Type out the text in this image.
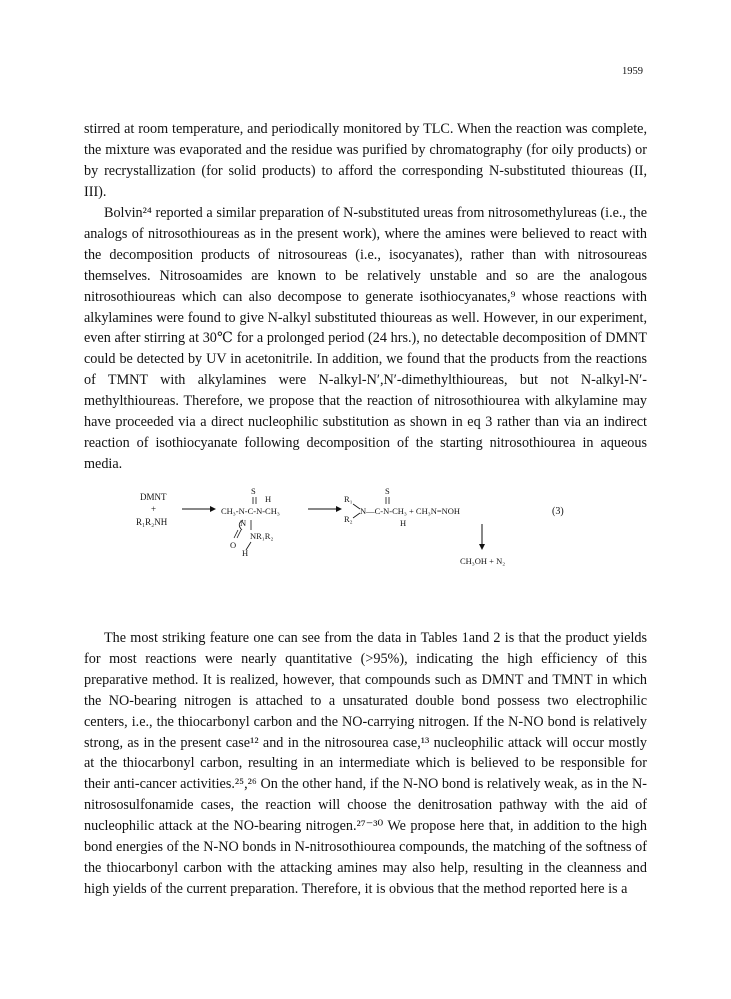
1959

stirred at room temperature, and periodically monitored by TLC. When the reaction was complete, the mixture was evaporated and the residue was purified by chromatography (for oily products) or by recrystallization (for solid products) to afford the corresponding N-substituted thioureas (II, III).

Bolvin²⁴ reported a similar preparation of N-substituted ureas from nitrosomethylureas (i.e., the analogs of nitrosothioureas as in the present work), where the amines were believed to react with the decomposition products of nitrosoureas (i.e., isocyanates), rather than with nitrosoureas themselves. Nitrosoamides are known to be relatively unstable and so are the analogous nitrosothioureas which can also decompose to generate isothiocyanates,⁹ whose reactions with alkylamines were found to give N-alkyl substituted thioureas as well. However, in our experiment, even after stirring at 30℃ for a prolonged period (24 hrs.), no detectable decomposition of DMNT could be detected by UV in acetonitrile. In addition, we found that the products from the reactions of TMNT with alkylamines were N-alkyl-N′,N′-dimethylthioureas, but not N-alkyl-N′-methylthioureas. Therefore, we propose that the reaction of nitrosothiourea with alkylamine may have proceeded via a direct nucleophilic substitution as shown in eq 3 rather than via an indirect reaction of isothiocyanate following decomposition of the starting nitrosothiourea in aqueous media.

DMNT
+
R₁R₂NH
S
H
CH₃-N-C-N-CH₃
N
O
NR₁R₂
H
S
R₁
R₂
N—C-N-CH₃ + CH₃N=NOH
H
(3)
CH₃OH + N₂

The most striking feature one can see from the data in Tables 1and 2 is that the product yields for most reactions were nearly quantitative (>95%), indicating the high efficiency of this preparative method. It is realized, however, that compounds such as DMNT and TMNT in which the NO-bearing nitrogen is attached to a unsaturated double bond possess two electrophilic centers, i.e., the thiocarbonyl carbon and the NO-carrying nitrogen. If the N-NO bond is relatively strong, as in the present case¹² and in the nitrosourea case,¹³ nucleophilic attack will occur mostly at the thiocarbonyl carbon, resulting in an intermediate which is believed to be responsible for their anti-cancer activities.²⁵,²⁶ On the other hand, if the N-NO bond is relatively weak, as in the N-nitrososulfonamide cases, the reaction will choose the denitrosation pathway with the aid of nucleophilic attack at the NO-bearing nitrogen.²⁷⁻³⁰ We propose here that, in addition to the high bond energies of the N-NO bonds in N-nitrosothiourea compounds, the matching of the softness of the thiocarbonyl carbon with the attacking amines may also help, resulting in the cleanness and high yields of the current preparation. Therefore, it is obvious that the method reported here is a
